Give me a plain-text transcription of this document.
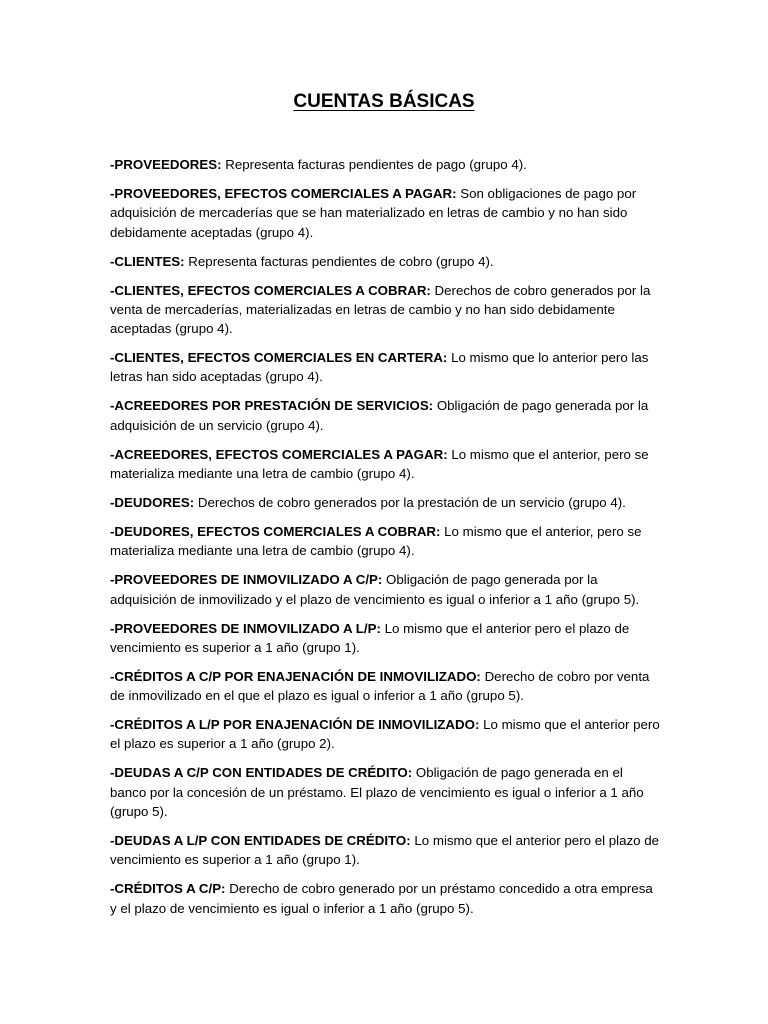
CUENTAS BÁSICAS

-PROVEEDORES: Representa facturas pendientes de pago (grupo 4).

-PROVEEDORES, EFECTOS COMERCIALES A PAGAR: Son obligaciones de pago por adquisición de mercaderías que se han materializado en letras de cambio y no han sido debidamente aceptadas (grupo 4).

-CLIENTES: Representa facturas pendientes de cobro (grupo 4).

-CLIENTES, EFECTOS COMERCIALES A COBRAR: Derechos de cobro generados por la venta de mercaderías, materializadas en letras de cambio y no han sido debidamente aceptadas (grupo 4).

-CLIENTES, EFECTOS COMERCIALES EN CARTERA: Lo mismo que lo anterior pero las letras han sido aceptadas (grupo 4).

-ACREEDORES POR PRESTACIÓN DE SERVICIOS: Obligación de pago generada por la adquisición de un servicio (grupo 4).

-ACREEDORES, EFECTOS COMERCIALES A PAGAR: Lo mismo que el anterior, pero se materializa mediante una letra de cambio (grupo 4).

-DEUDORES: Derechos de cobro generados por la prestación de un servicio (grupo 4).

-DEUDORES, EFECTOS COMERCIALES A COBRAR: Lo mismo que el anterior, pero se materializa mediante una letra de cambio (grupo 4).

-PROVEEDORES DE INMOVILIZADO A C/P: Obligación de pago generada por la adquisición de inmovilizado y el plazo de vencimiento es igual o inferior a 1 año (grupo 5).

-PROVEEDORES DE INMOVILIZADO A L/P: Lo mismo que el anterior pero el plazo de vencimiento es superior a 1 año (grupo 1).

-CRÉDITOS A C/P POR ENAJENACIÓN DE INMOVILIZADO: Derecho de cobro por venta de inmovilizado en el que el plazo es igual o inferior a 1 año (grupo 5).

-CRÉDITOS A L/P POR ENAJENACIÓN DE INMOVILIZADO: Lo mismo que el anterior pero el plazo es superior a 1 año (grupo 2).

-DEUDAS A C/P CON ENTIDADES DE CRÉDITO: Obligación de pago generada en el banco por la concesión de un préstamo. El plazo de vencimiento es igual o inferior a 1 año (grupo 5).

-DEUDAS A L/P CON ENTIDADES DE CRÉDITO: Lo mismo que el anterior pero el plazo de vencimiento es superior a 1 año (grupo 1).

-CRÉDITOS A C/P: Derecho de cobro generado por un préstamo concedido a otra empresa y el plazo de vencimiento es igual o inferior a 1 año (grupo 5).
